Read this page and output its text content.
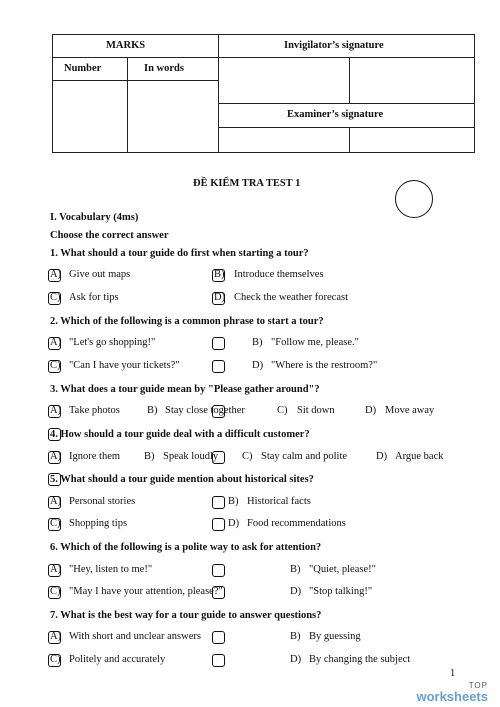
MARKS	Invigilator’s signature
Number	In words
Examiner’s signature
ĐỀ KIỂM TRA TEST 1
I. Vocabulary (4ms)
Choose the correct answer
1. What should a tour guide do first when starting a tour?
A) Give out maps	B) Introduce themselves
C) Ask for tips	D) Check the weather forecast
2. Which of the following is a common phrase to start a tour?
A) "Let's go shopping!"	B) "Follow me, please."
C) "Can I have your tickets?"	D) "Where is the restroom?"
3. What does a tour guide mean by "Please gather around"?
A) Take photos	B) Stay close together	C) Sit down	D) Move away
4. How should a tour guide deal with a difficult customer?
A) Ignore them B) Speak loudly C) Stay calm and polite	D) Argue back
5. What should a tour guide mention about historical sites?
A) Personal stories	B) Historical facts
C) Shopping tips	D) Food recommendations
6. Which of the following is a polite way to ask for attention?
A) "Hey, listen to me!"	B) "Quiet, please!"
C) "May I have your attention, please?"	D) "Stop talking!"
7. What is the best way for a tour guide to answer questions?
A) With short and unclear answers	B) By guessing
C) Politely and accurately	D) By changing the subject
1
TOP
worksheets
